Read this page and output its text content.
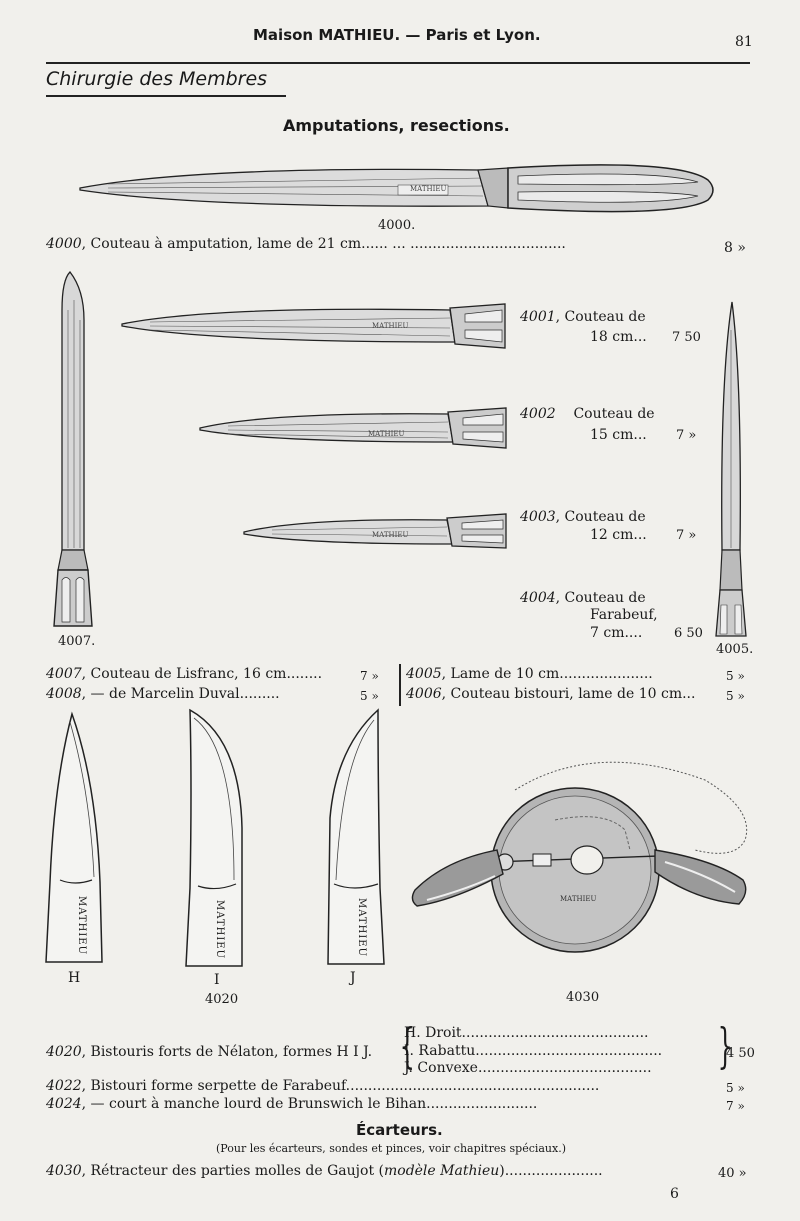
Maison MATHIEU. — Paris et Lyon.	81
Chirurgie des Membres
Amputations, resections.
MATHIEU
4000.
4000, Couteau à amputation, lame de 21 cm...... ... ...................................	8 »
4007.
MATHIEU
MATHIEU
MATHIEU
4001, Couteau de
18 cm... 7 50
4002 Couteau de
15 cm... 7 »
4003, Couteau de
12 cm... 7 »
4004, Couteau de
Farabeuf,
7 cm.... 6 50
4005.
4007, Couteau de Lisfranc, 16 cm........	7 »
4008, — de Marcelin Duval.........	5 »
4005, Lame de 10 cm.....................	5 »
4006, Couteau bistouri, lame de 10 cm...	5 »
MATHIEU
H
MATHIEU
I
4020
MATHIEU
J
MATHIEU
4030
4020, Bistouris forts de Nélaton, formes H I J. {
H. Droit..........................................
I. Rabattu..........................................
J. Convexe....................................... }
4 50
4022, Bistouri forme serpette de Farabeuf.........................................................	5 »
4024, — court à manche lourd de Brunswich le Bihan.........................	7 »
Écarteurs.
(Pour les écarteurs, sondes et pinces, voir chapitres spéciaux.)
4030, Rétracteur des parties molles de Gaujot (modèle Mathieu)......................	40 »
6
